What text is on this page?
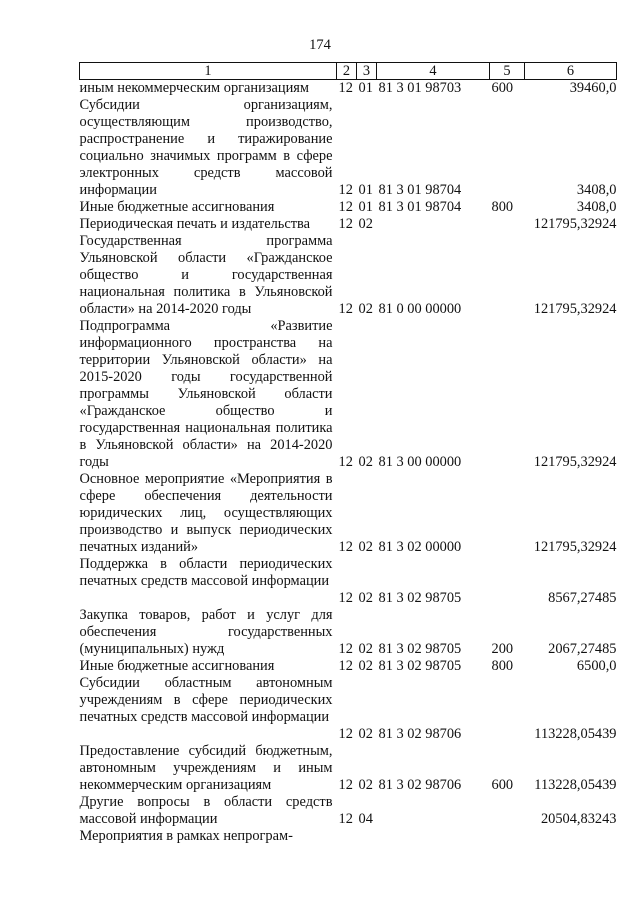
174
1	2	3	4	5	6
иным некоммерческим организациям	12	01	81 3 01 98703	600	39460,0
Субсидии организациям, осуществляющим производство, распространение и тиражирование социально значимых программ в сфере электронных средств массовой информации	12	01	81 3 01 98704		3408,0
Иные бюджетные ассигнования	12	01	81 3 01 98704	800	3408,0
Периодическая печать и издательства	12	02			121795,32924
Государственная программа Ульяновской области «Гражданское общество и государственная национальная политика в Ульяновской области» на 2014-2020 годы	12	02	81 0 00 00000		121795,32924
Подпрограмма «Развитие информационного пространства на территории Ульяновской области» на 2015-2020 годы государственной программы Ульяновской области «Гражданское общество и государственная национальная политика в Ульяновской области» на 2014-2020 годы	12	02	81 3 00 00000		121795,32924
Основное мероприятие «Мероприятия в сфере обеспечения деятельности юридических лиц, осуществляющих производство и выпуск периодических печатных изданий»	12	02	81 3 02 00000		121795,32924
Поддержка в области периодических печатных средств массовой информации	12	02	81 3 02 98705		8567,27485
Закупка товаров, работ и услуг для обеспечения государственных (муниципальных) нужд	12	02	81 3 02 98705	200	2067,27485
Иные бюджетные ассигнования	12	02	81 3 02 98705	800	6500,0
Субсидии областным автономным учреждениям в сфере периодических печатных средств массовой информации	12	02	81 3 02 98706		113228,05439
Предоставление субсидий бюджетным, автономным учреждениям и иным некоммерческим организациям	12	02	81 3 02 98706	600	113228,05439
Другие вопросы в области средств массовой информации	12	04			20504,83243
Мероприятия в рамках непрограм-					
